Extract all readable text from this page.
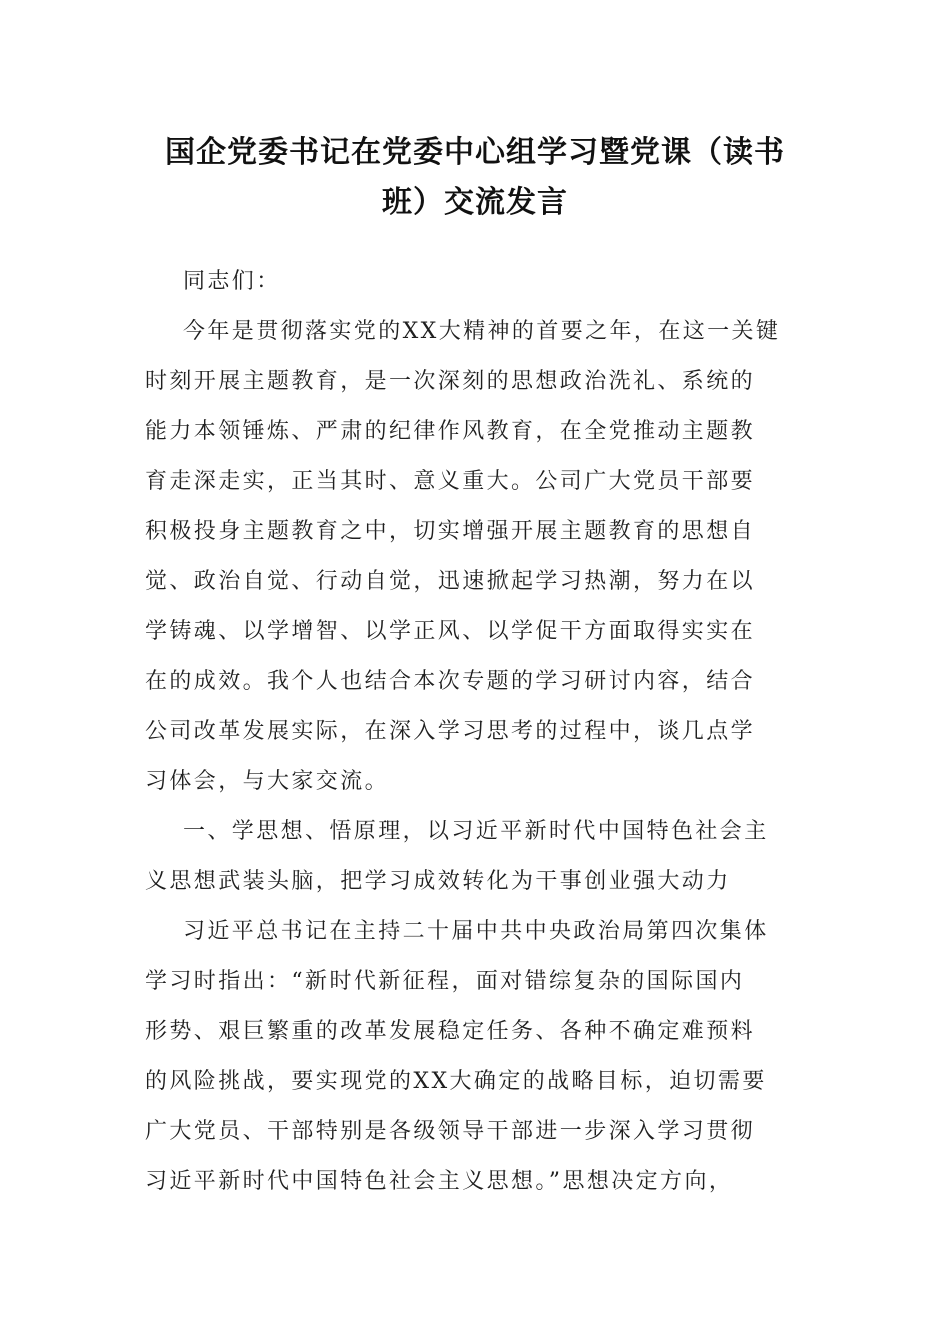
国企党委书记在党委中心组学习暨党课（读书
班）交流发言
同志们：
今年是贯彻落实党的XX大精神的首要之年，在这一关键
时刻开展主题教育，是一次深刻的思想政治洗礼、系统的
能力本领锤炼、严肃的纪律作风教育，在全党推动主题教
育走深走实，正当其时、意义重大。公司广大党员干部要
积极投身主题教育之中，切实增强开展主题教育的思想自
觉、政治自觉、行动自觉，迅速掀起学习热潮，努力在以
学铸魂、以学增智、以学正风、以学促干方面取得实实在
在的成效。我个人也结合本次专题的学习研讨内容，结合
公司改革发展实际，在深入学习思考的过程中，谈几点学
习体会，与大家交流。
一、学思想、悟原理，以习近平新时代中国特色社会主
义思想武装头脑，把学习成效转化为干事创业强大动力
习近平总书记在主持二十届中共中央政治局第四次集体
学习时指出：“新时代新征程，面对错综复杂的国际国内
形势、艰巨繁重的改革发展稳定任务、各种不确定难预料
的风险挑战，要实现党的XX大确定的战略目标，迫切需要
广大党员、干部特别是各级领导干部进一步深入学习贯彻
习近平新时代中国特色社会主义思想。”思想决定方向，
